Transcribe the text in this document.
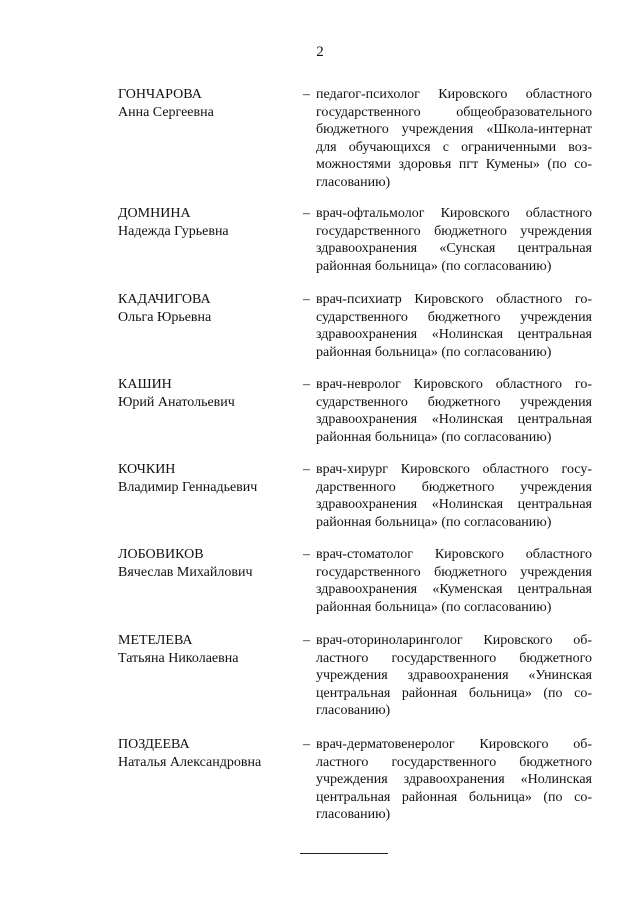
2
ГОНЧАРОВА
Анна Сергеевна
– педагог-психолог Кировского областного государственного общеобразовательного бюджетного учреждения «Школа-интернат для обучающихся с ограниченными возможностями здоровья пгт Кумены» (по согласованию)
ДОМНИНА
Надежда Гурьевна
– врач-офтальмолог Кировского областного государственного бюджетного учреждения здравоохранения «Сунская центральная районная больница» (по согласованию)
КАДАЧИГОВА
Ольга Юрьевна
– врач-психиатр Кировского областного государственного бюджетного учреждения здравоохранения «Нолинская центральная районная больница» (по согласованию)
КАШИН
Юрий Анатольевич
– врач-невролог Кировского областного государственного бюджетного учреждения здравоохранения «Нолинская центральная районная больница» (по согласованию)
КОЧКИН
Владимир Геннадьевич
– врач-хирург Кировского областного государственного бюджетного учреждения здравоохранения «Нолинская центральная районная больница» (по согласованию)
ЛОБОВИКОВ
Вячеслав Михайлович
– врач-стоматолог Кировского областного государственного бюджетного учреждения здравоохранения «Куменская центральная районная больница» (по согласованию)
МЕТЕЛЕВА
Татьяна Николаевна
– врач-оториноларинголог Кировского областного государственного бюджетного учреждения здравоохранения «Унинская центральная районная больница» (по согласованию)
ПОЗДЕЕВА
Наталья Александровна
– врач-дерматовенеролог Кировского областного государственного бюджетного учреждения здравоохранения «Нолинская центральная районная больница» (по согласованию)
